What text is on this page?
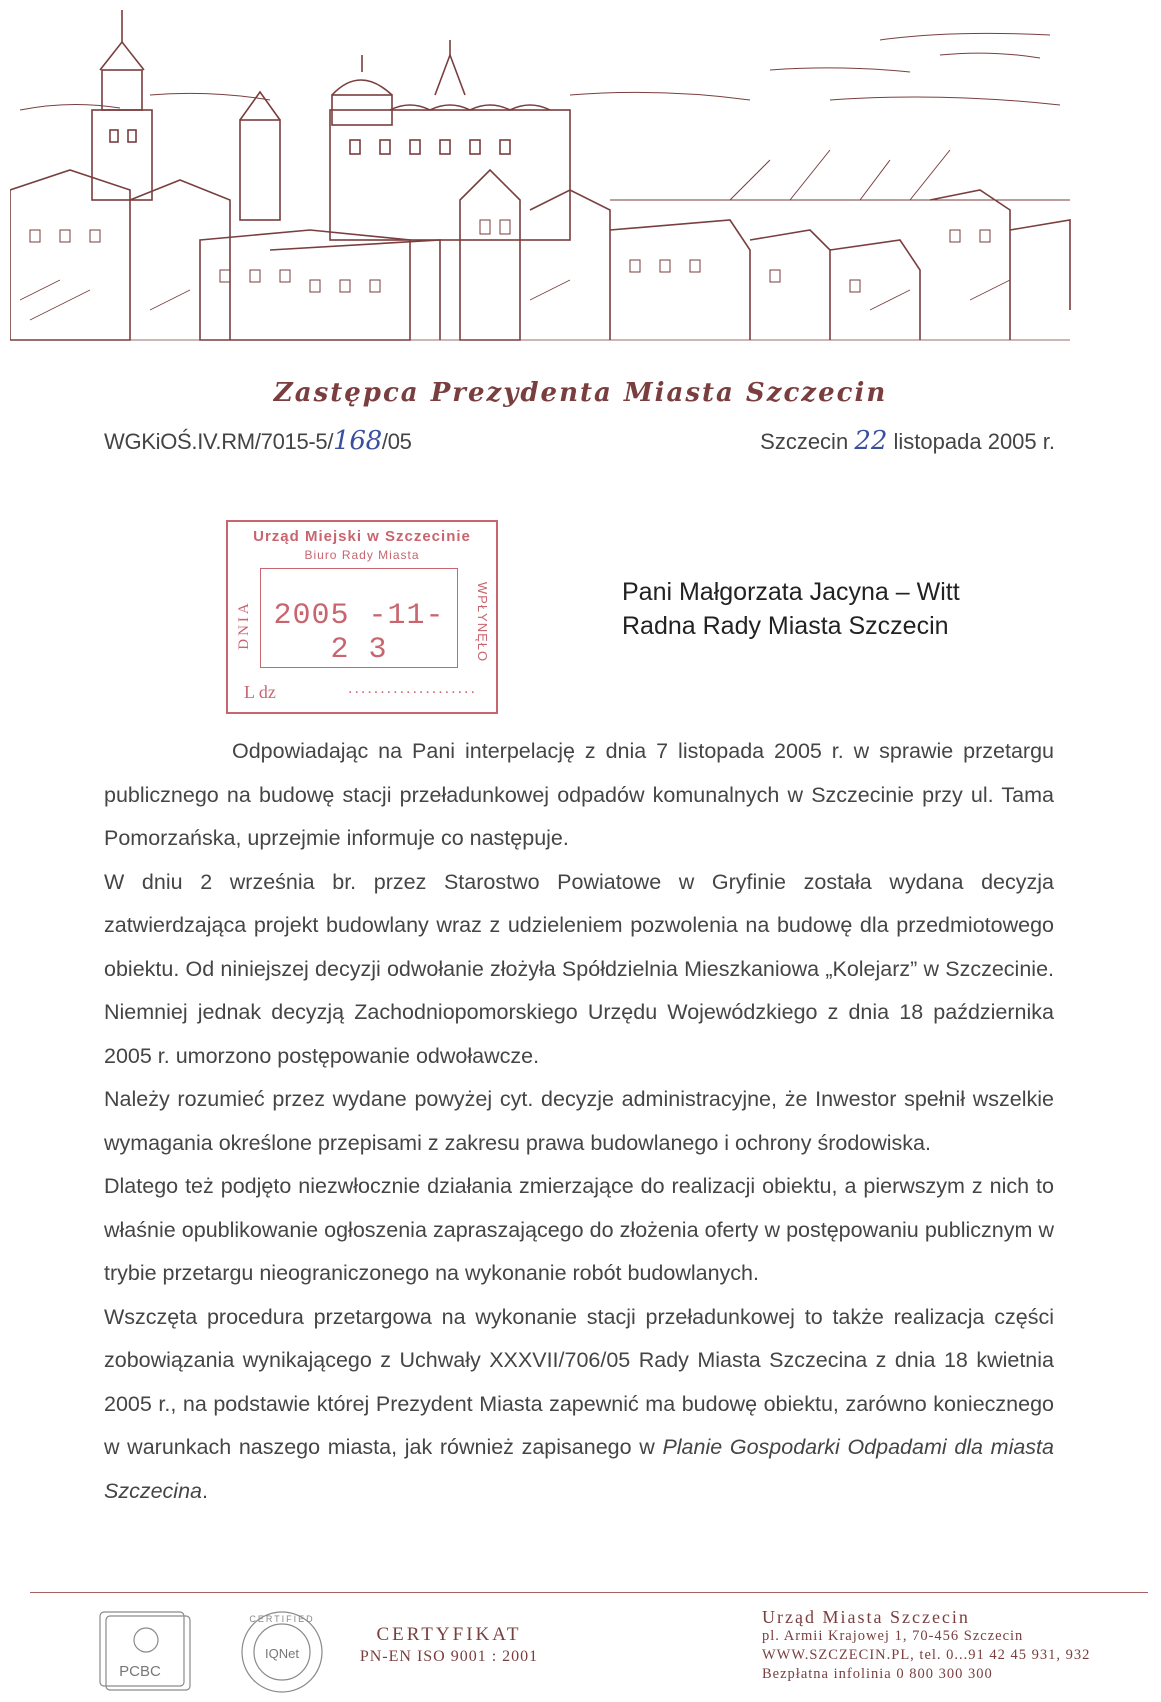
Zastępca Prezydenta Miasta Szczecin
WGKiOŚ.IV.RM/7015-5/168/05	Szczecin 22 listopada 2005 r.
Urząd Miejski w Szczecinie
Biuro Rady Miasta
DNIA 2005 -11- 2 3	WPŁYNĘŁO
L dz	....................
Pani Małgorzata Jacyna – Witt
Radna Rady Miasta Szczecin

Odpowiadając na Pani interpelację z dnia 7 listopada 2005 r. w sprawie przetargu publicznego na budowę stacji przeładunkowej odpadów komunalnych w Szczecinie przy ul. Tama Pomorzańska, uprzejmie informuje co następuje.

W dniu 2 września br. przez Starostwo Powiatowe w Gryfinie została wydana decyzja zatwierdzająca projekt budowlany wraz z udzieleniem pozwolenia na budowę dla przedmiotowego obiektu. Od niniejszej decyzji odwołanie złożyła Spółdzielnia Mieszkaniowa „Kolejarz” w Szczecinie. Niemniej jednak decyzją Zachodniopomorskiego Urzędu Wojewódzkiego z dnia 18 października 2005 r. umorzono postępowanie odwoławcze.

Należy rozumieć przez wydane powyżej cyt. decyzje administracyjne, że Inwestor spełnił wszelkie wymagania określone przepisami z zakresu prawa budowlanego i ochrony środowiska.

Dlatego też podjęto niezwłocznie działania zmierzające do realizacji obiektu, a pierwszym z nich to właśnie opublikowanie ogłoszenia zapraszającego do złożenia oferty w postępowaniu publicznym w trybie przetargu nieograniczonego na wykonanie robót budowlanych.

Wszczęta procedura przetargowa na wykonanie stacji przeładunkowej to także realizacja części zobowiązania wynikającego z Uchwały XXXVII/706/05 Rady Miasta Szczecina z dnia 18 kwietnia 2005 r., na podstawie której Prezydent Miasta zapewnić ma budowę obiektu, zarówno koniecznego w warunkach naszego miasta, jak również zapisanego w Planie Gospodarki Odpadami dla miasta Szczecina.

PCBC
CERTIFIED
IQNet
CERTYFIKAT
PN-EN ISO 9001 : 2001
Urząd Miasta Szczecin
pl. Armii Krajowej 1, 70-456 Szczecin
WWW.SZCZECIN.PL, tel. 0...91 42 45 931, 932
Bezpłatna infolinia 0 800 300 300
